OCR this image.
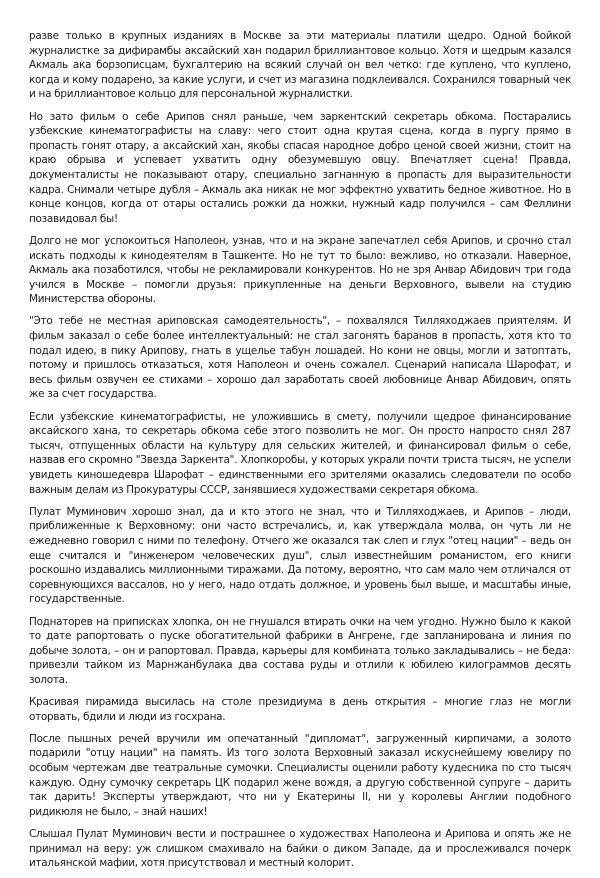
разве только в крупных изданиях в Москве за эти материалы платили щедро. Одной бойкой журналистке за дифирамбы аксайский хан подарил бриллиантовое кольцо. Хотя и щедрым казался Акмаль ака борзописцам, бухгалтерию на всякий случай он вел четко: где куплено, что куплено, когда и кому подарено, за какие услуги, и счет из магазина подклеивался. Сохранился товарный чек и на бриллиантовое кольцо для персональной журналистки.

Но зато фильм о себе Арипов снял раньше, чем заркентский секретарь обкома. Постарались узбекские кинематографисты на славу: чего стоит одна крутая сцена, когда в пургу прямо в пропасть гонят отару, а аксайский хан, якобы спасая народное добро ценой своей жизни, стоит на краю обрыва и успевает ухватить одну обезумевшую овцу. Впечатляет сцена! Правда, документалисты не показывают отару, специально загнанную в пропасть для выразительности кадра. Снимали четыре дубля – Акмаль ака никак не мог эффектно ухватить бедное животное. Но в конце концов, когда от отары остались рожки да ножки, нужный кадр получился – сам Феллини позавидовал бы!

Долго не мог успокоиться Наполеон, узнав, что и на экране запечатлел себя Арипов, и срочно стал искать подходы к кинодеятелям в Ташкенте. Но не тут то было: вежливо, но отказали. Наверное, Акмаль ака позаботился, чтобы не рекламировали конкурентов. Но не зря Анвар Абидович три года учился в Москве – помогли друзья: прикупленные на деньги Верховного, вывели на студию Министерства обороны.

"Это тебе не местная ариповская самодеятельность", – похвалялся Тилляходжаев приятелям. И фильм заказал о себе более интеллектуальный: не стал загонять баранов в пропасть, хотя кто то подал идею, в пику Арипову, гнать в ущелье табун лошадей. Но кони не овцы, могли и затоптать, потому и пришлось отказаться, хотя Наполеон и очень сожалел. Сценарий написала Шарофат, и весь фильм озвучен ее стихами – хорошо дал заработать своей любовнице Анвар Абидович, опять же за счет государства.

Если узбекские кинематографисты, не уложившись в смету, получили щедрое финансирование аксайского хана, то секретарь обкома себе этого позволить не мог. Он просто напросто снял 287 тысяч, отпущенных области на культуру для сельских жителей, и финансировал фильм о себе, назвав его скромно "Звезда Заркента". Хлопкоробы, у которых украли почти триста тысяч, не успели увидеть киношедевра Шарофат – единственными его зрителями оказались следователи по особо важным делам из Прокуратуры СССР, занявшиеся художествами секретаря обкома.

Пулат Муминович хорошо знал, да и кто этого не знал, что и Тилляходжаев, и Арипов – люди, приближенные к Верховному: они часто встречались, и, как утверждала молва, он чуть ли не ежедневно говорил с ними по телефону. Отчего же оказался так слеп и глух "отец нации" – ведь он еще считался и "инженером человеческих душ", слыл известнейшим романистом, его книги роскошно издавались миллионными тиражами. Да потому, вероятно, что сам мало чем отличался от соревнующихся вассалов, но у него, надо отдать должное, и уровень был выше, и масштабы иные, государственные.

Поднаторев на приписках хлопка, он не гнушался втирать очки на чем угодно. Нужно было к какой то дате рапортовать о пуске обогатительной фабрики в Ангрене, где запланирована и линия по добыче золота, – он и рапортовал. Правда, карьеры для комбината только закладывались – не беда: привезли тайком из Марнжанбулака два состава руды и отлили к юбилею килограммов десять золота.

Красивая пирамида высилась на столе президиума в день открытия – многие глаз не могли оторвать, бдили и люди из госхрана.

После пышных речей вручили им опечатанный "дипломат", загруженный кирпичами, а золото подарили "отцу нации" на память. Из того золота Верховный заказал искуснейшему ювелиру по особым чертежам две театральные сумочки. Специалисты оценили работу кудесника по сто тысяч каждую. Одну сумочку секретарь ЦК подарил жене вождя, а другую собственной супруге – дарить так дарить! Эксперты утверждают, что ни у Екатерины II, ни у королевы Англии подобного ридикюля не было, – знай наших!

Слышал Пулат Муминович вести и пострашнее о художествах Наполеона и Арипова и опять же не принимал на веру: уж слишком смахивало на байки о диком Западе, да и прослеживался почерк итальянской мафии, хотя присутствовал и местный колорит.
